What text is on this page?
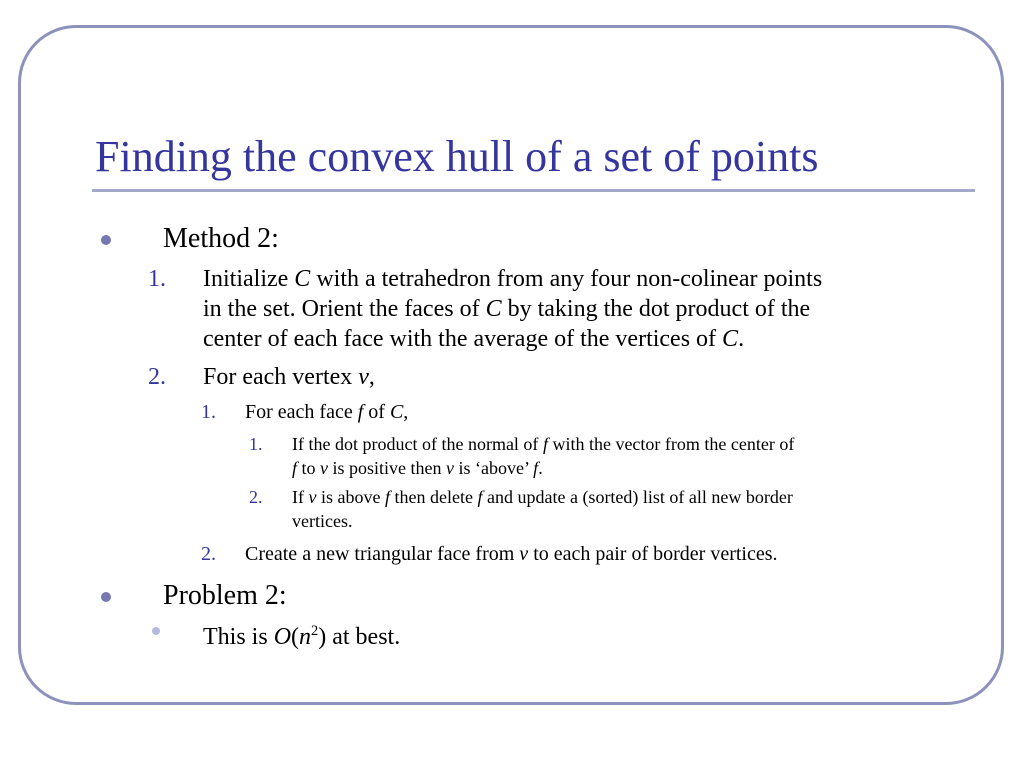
Finding the convex hull of a set of points
Method 2:
1. Initialize C with a tetrahedron from any four non-colinear points
in the set. Orient the faces of C by taking the dot product of the
center of each face with the average of the vertices of C.
2. For each vertex v,
1. For each face f of C,
1. If the dot product of the normal of f with the vector from the center of
f to v is positive then v is ‘above’ f.
2. If v is above f then delete f and update a (sorted) list of all new border
vertices.
2. Create a new triangular face from v to each pair of border vertices.
Problem 2:
This is $O(n^2)$ at best.
